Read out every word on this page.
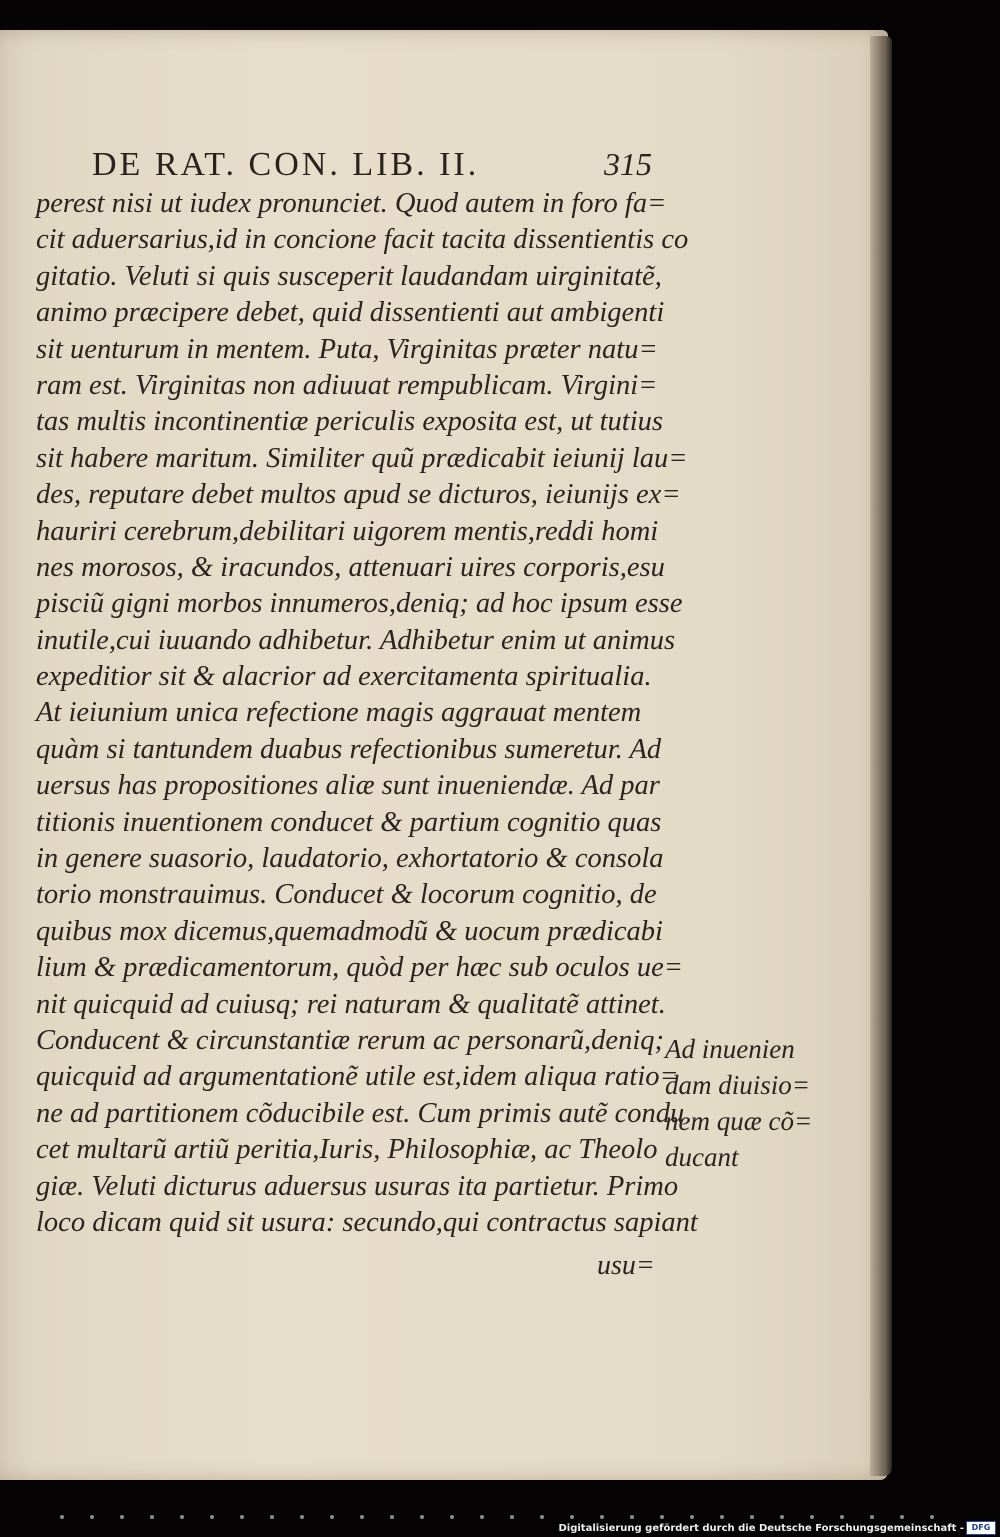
DE RAT. CON. LIB. II.	315
perest nisi ut iudex pronunciet. Quod autem in foro fa=
cit aduersarius,id in concione facit tacita dissentientis co
gitatio. Veluti si quis susceperit laudandam uirginitatẽ,
animo præcipere debet, quid dissentienti aut ambigenti
sit uenturum in mentem. Puta, Virginitas præter natu=
ram est. Virginitas non adiuuat rempublicam. Virgini=
tas multis incontinentiæ periculis exposita est, ut tutius
sit habere maritum. Similiter quũ prædicabit ieiunij lau=
des, reputare debet multos apud se dicturos, ieiunijs ex=
hauriri cerebrum,debilitari uigorem mentis,reddi homi
nes morosos, & iracundos, attenuari uires corporis,esu
pisciũ gigni morbos innumeros,deniq; ad hoc ipsum esse
inutile,cui iuuando adhibetur. Adhibetur enim ut animus
expeditior sit & alacrior ad exercitamenta spiritualia.
At ieiunium unica refectione magis aggrauat mentem
quàm si tantundem duabus refectionibus sumeretur. Ad
uersus has propositiones aliæ sunt inueniendæ. Ad par
titionis inuentionem conducet & partium cognitio quas
in genere suasorio, laudatorio, exhortatorio & consola
torio monstrauimus. Conducet & locorum cognitio, de
quibus mox dicemus,quemadmodũ & uocum prædicabi
lium & prædicamentorum, quòd per hæc sub oculos ue=
nit quicquid ad cuiusq; rei naturam & qualitatẽ attinet.
Conducent & circunstantiæ rerum ac personarũ,deniq;
quicquid ad argumentationẽ utile est,idem aliqua ratio=
ne ad partitionem cõducibile est. Cum primis autẽ condu
cet multarũ artiũ peritia,Iuris, Philosophiæ, ac Theolo
giæ. Veluti dicturus aduersus usuras ita partietur. Primo
loco dicam quid sit usura: secundo,qui contractus sapiant
usu=
Ad inuenien
dam diuisio=
nem quæ cõ=
ducant
Digitalisierung gefördert durch die Deutsche Forschungsgemeinschaft - DFG
